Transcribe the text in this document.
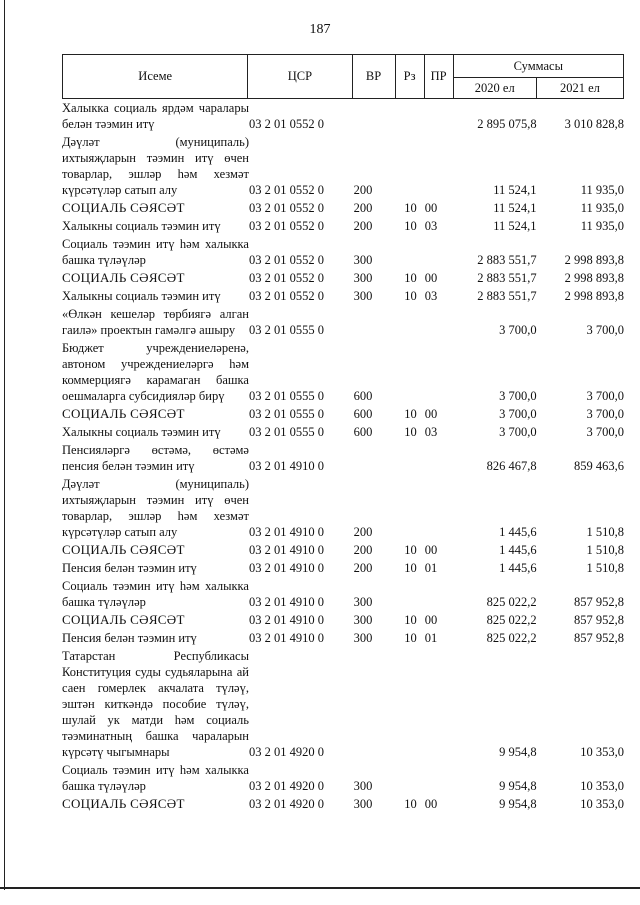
187
Исеме	ЦСР	ВР	Рз	ПР	Суммасы	
					2020 ел	2021 ел
Халыкка социаль ярдәм чаралары белән тәэмин итү	03 2 01 0552 0				2 895 075,8	3 010 828,8
Дәүләт (муниципаль) ихтыяҗларын тәэмин итү өчен товарлар, эшләр һәм хезмәт күрсәтүләр сатып алу	03 2 01 0552 0	200			11 524,1	11 935,0
СОЦИАЛЬ СӘЯСӘТ	03 2 01 0552 0	200	10	00	11 524,1	11 935,0
Халыкны социаль тәэмин итү	03 2 01 0552 0	200	10	03	11 524,1	11 935,0
Социаль тәэмин итү һәм халыкка башка түләүләр	03 2 01 0552 0	300			2 883 551,7	2 998 893,8
СОЦИАЛЬ СӘЯСӘТ	03 2 01 0552 0	300	10	00	2 883 551,7	2 998 893,8
Халыкны социаль тәэмин итү	03 2 01 0552 0	300	10	03	2 883 551,7	2 998 893,8
«Өлкән кешеләр төрбиягә алган гаилә» проектын гамәлгә ашыру	03 2 01 0555 0				3 700,0	3 700,0
Бюджет учреждениеләренә, автоном учреждениеләргә һәм коммерциягә карамаган башка оешмаларга субсидияләр бирү	03 2 01 0555 0	600			3 700,0	3 700,0
СОЦИАЛЬ СӘЯСӘТ	03 2 01 0555 0	600	10	00	3 700,0	3 700,0
Халыкны социаль тәэмин итү	03 2 01 0555 0	600	10	03	3 700,0	3 700,0
Пенсияләргә өстәмә, өстәмә пенсия белән тәэмин итү	03 2 01 4910 0				826 467,8	859 463,6
Дәүләт (муниципаль) ихтыяҗларын тәэмин итү өчен товарлар, эшләр һәм хезмәт күрсәтүләр сатып алу	03 2 01 4910 0	200			1 445,6	1 510,8
СОЦИАЛЬ СӘЯСӘТ	03 2 01 4910 0	200	10	00	1 445,6	1 510,8
Пенсия белән тәэмин итү	03 2 01 4910 0	200	10	01	1 445,6	1 510,8
Социаль тәэмин итү һәм халыкка башка түләүләр	03 2 01 4910 0	300			825 022,2	857 952,8
СОЦИАЛЬ СӘЯСӘТ	03 2 01 4910 0	300	10	00	825 022,2	857 952,8
Пенсия белән тәэмин итү	03 2 01 4910 0	300	10	01	825 022,2	857 952,8
Татарстан Республикасы Конституция суды судьяларына ай саен гомерлек акчалата түләү, эштән киткәндә пособие түләү, шулай ук матди һәм социаль тәэминатның башка чараларын күрсәтү чыгымнары	03 2 01 4920 0				9 954,8	10 353,0
Социаль тәэмин итү һәм халыкка башка түләүләр	03 2 01 4920 0	300			9 954,8	10 353,0
СОЦИАЛЬ СӘЯСӘТ	03 2 01 4920 0	300	10	00	9 954,8	10 353,0
